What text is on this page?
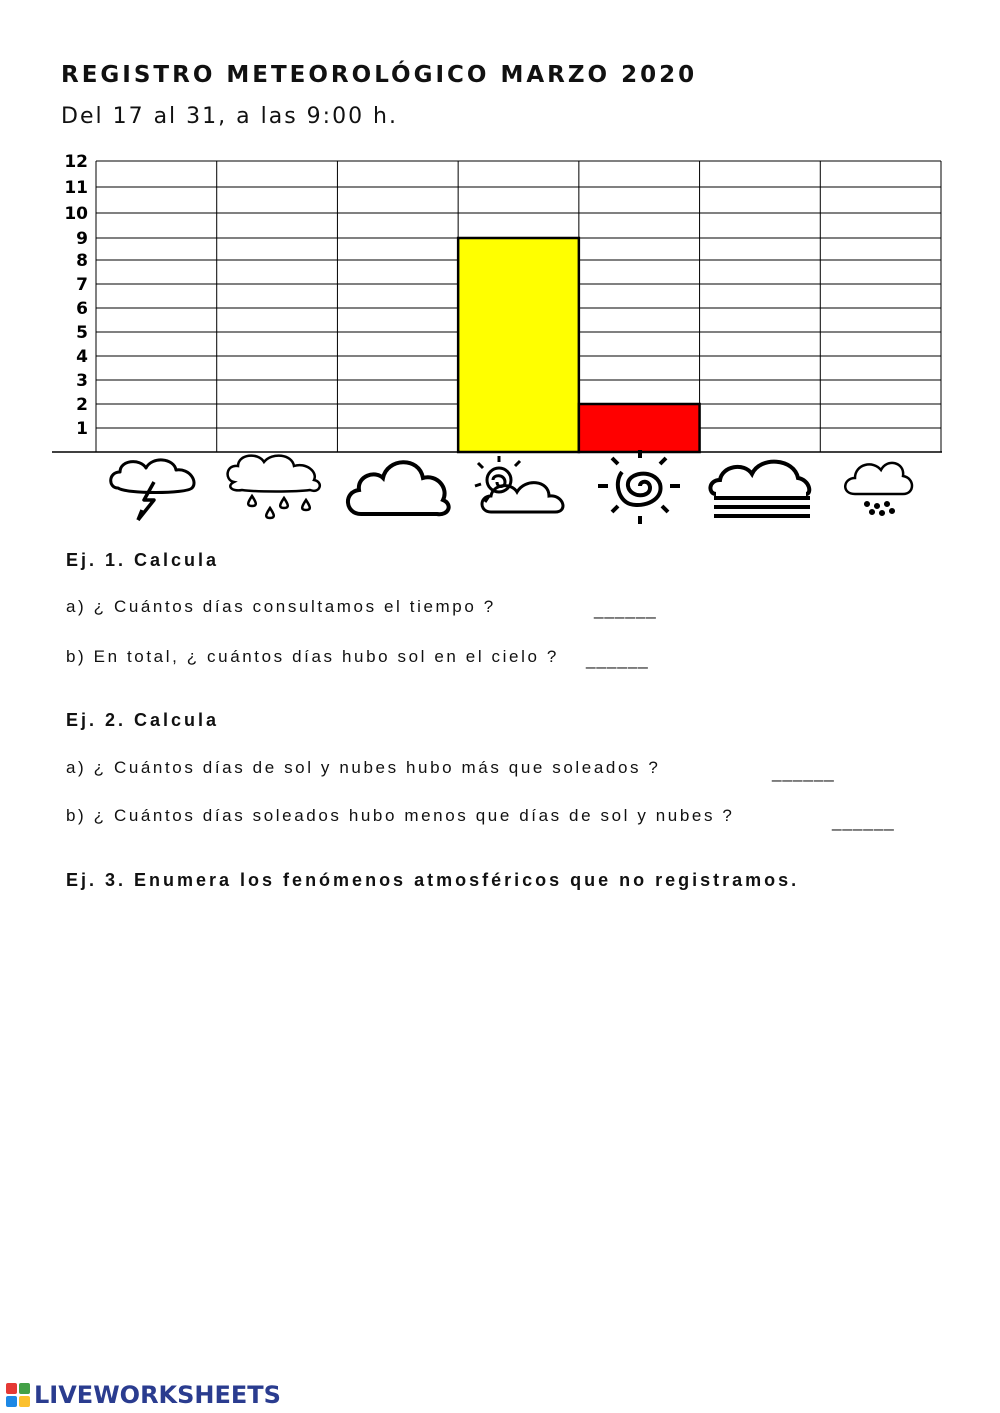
REGISTRO METEOROLÓGICO MARZO 2020

Del 17 al 31, a las 9:00 h.

1
2
3
4
5
6
7
8
9
10
11
12
Ej. 1. Calcula
a) ¿ Cuántos días consultamos el tiempo ?	______
b) En total, ¿ cuántos días hubo sol en el cielo ? ______
Ej. 2. Calcula
a) ¿ Cuántos días de sol y nubes hubo más que soleados ?	______
b) ¿ Cuántos días soleados hubo menos que días de sol y nubes ?	______
Ej. 3. Enumera los fenómenos atmosféricos que no registramos.
LIVEWORKSHEETS
